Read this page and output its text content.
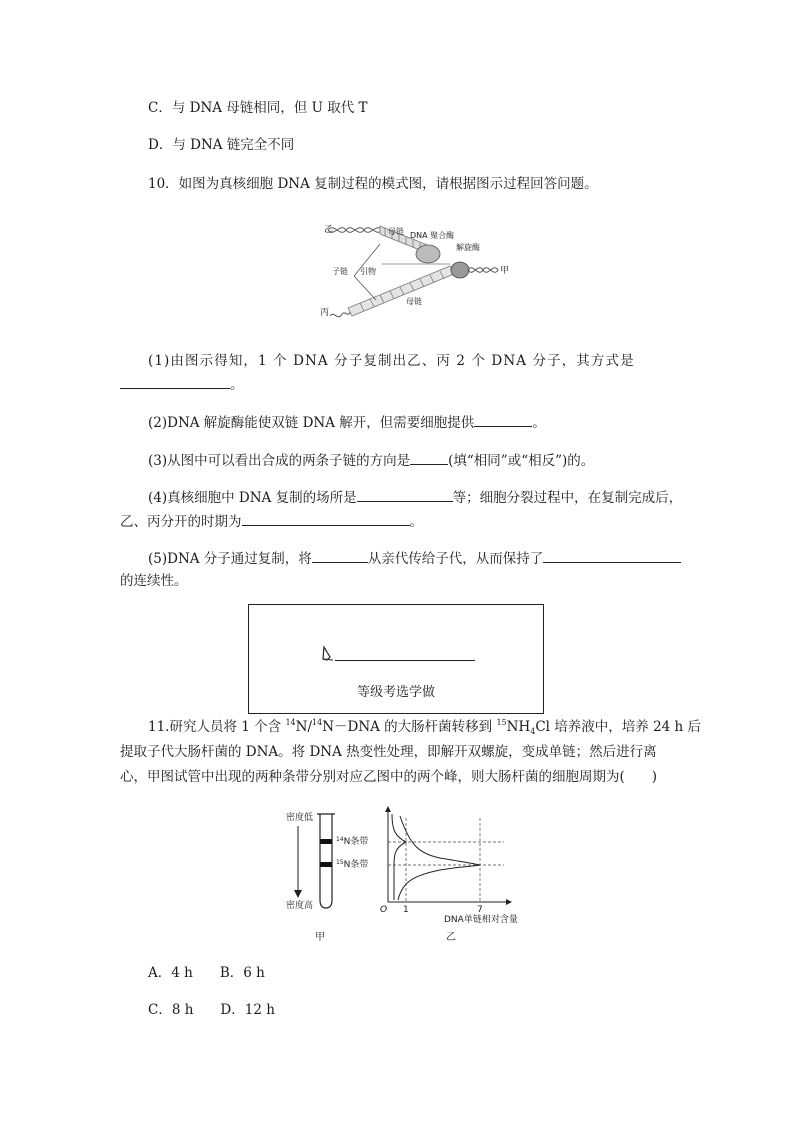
C．与 DNA 母链相同，但 U 取代 T
D．与 DNA 链完全不同
10．如图为真核细胞 DNA 复制过程的模式图，请根据图示过程回答问题。
乙	母链 DNA 聚合酶
解旋酶
甲
子链 引物
母链
丙
(1)由图示得知，1 个 DNA 分子复制出乙、丙 2 个 DNA 分子，其方式是
。
(2)DNA 解旋酶能使双链 DNA 解开，但需要细胞提供	。
(3)从图中可以看出合成的两条子链的方向是	(填“相同”或“相反”)的。
(4)真核细胞中 DNA 复制的场所是	等；细胞分裂过程中，在复制完成后，
乙、丙分开的时期为	。
(5)DNA 分子通过复制，将	从亲代传给子代，从而保持了
的连续性。
等级考选学做
11.研究人员将 1 个含 $^{14}$N/$^{14}$N－DNA 的大肠杆菌转移到 $^{15}NH_4Cl$ 培养液中，培养 24 h 后
提取子代大肠杆菌的 DNA。将 DNA 热变性处理，即解开双螺旋，变成单链；然后进行离
心，甲图试管中出现的两种条带分别对应乙图中的两个峰，则大肠杆菌的细胞周期为(　　)
密度低
密度高
$^{14}$N条带
$^{15}$N条带
甲
O 1	7
DNA单链相对含量
乙
A．4 h　　B．6 h
C．8 h　　D．12 h
